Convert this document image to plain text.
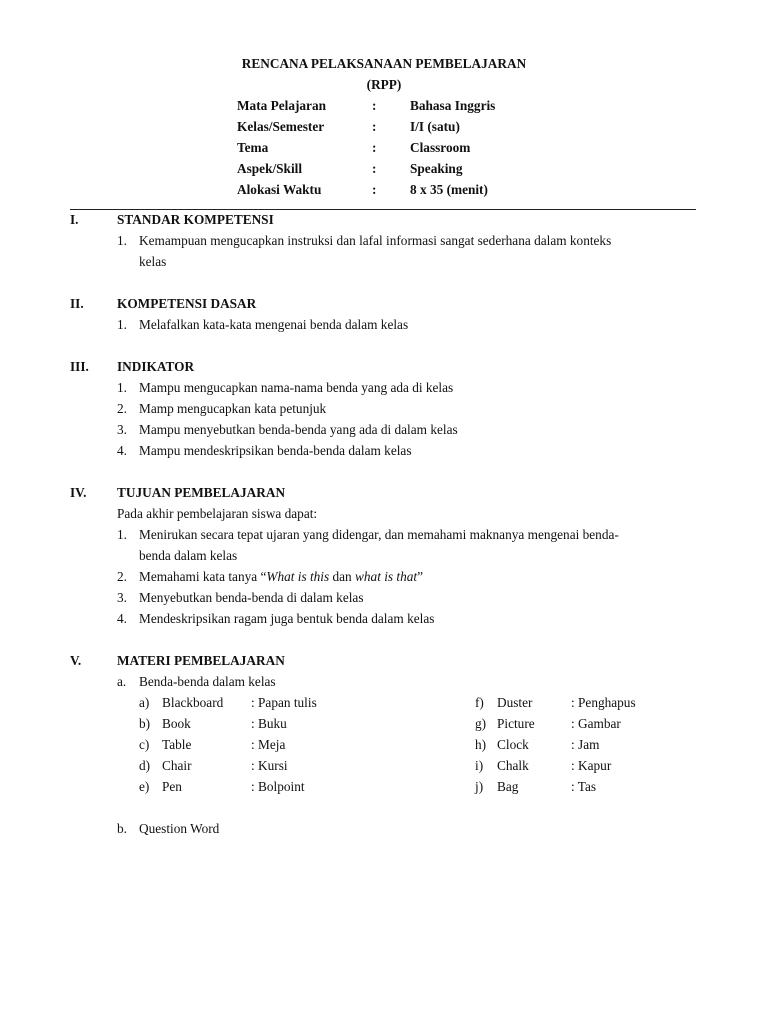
RENCANA PELAKSANAAN PEMBELAJARAN
(RPP)
Mata Pelajaran	:	Bahasa Inggris
Kelas/Semester	:	I/I (satu)
Tema	:	Classroom
Aspek/Skill	:	Speaking
Alokasi Waktu	:	8 x 35 (menit)
I.	STANDAR KOMPETENSI
1. Kemampuan mengucapkan instruksi dan lafal informasi sangat sederhana dalam konteks
kelas
II.	KOMPETENSI DASAR
1. Melafalkan kata-kata mengenai benda dalam kelas
III. INDIKATOR
1. Mampu mengucapkan nama-nama benda yang ada di kelas
2. Mamp mengucapkan kata petunjuk
3. Mampu menyebutkan benda-benda yang ada di dalam kelas
4. Mampu mendeskripsikan benda-benda dalam kelas
IV. TUJUAN PEMBELAJARAN
Pada akhir pembelajaran siswa dapat:
1. Menirukan secara tepat ujaran yang didengar, dan memahami maknanya mengenai benda-
benda dalam kelas
2. Memahami kata tanya “What is this dan what is that”
3. Menyebutkan benda-benda di dalam kelas
4. Mendeskripsikan ragam juga bentuk benda dalam kelas
V.	MATERI PEMBELAJARAN
a. Benda-benda dalam kelas
a) Blackboard : Papan tulis
b) Book	: Buku
c) Table	: Meja
d) Chair	: Kursi
e) Pen	: Bolpoint
f) Duster	: Penghapus
g) Picture	: Gambar
h) Clock	: Jam
i) Chalk	: Kapur
j) Bag	: Tas
b. Question Word
